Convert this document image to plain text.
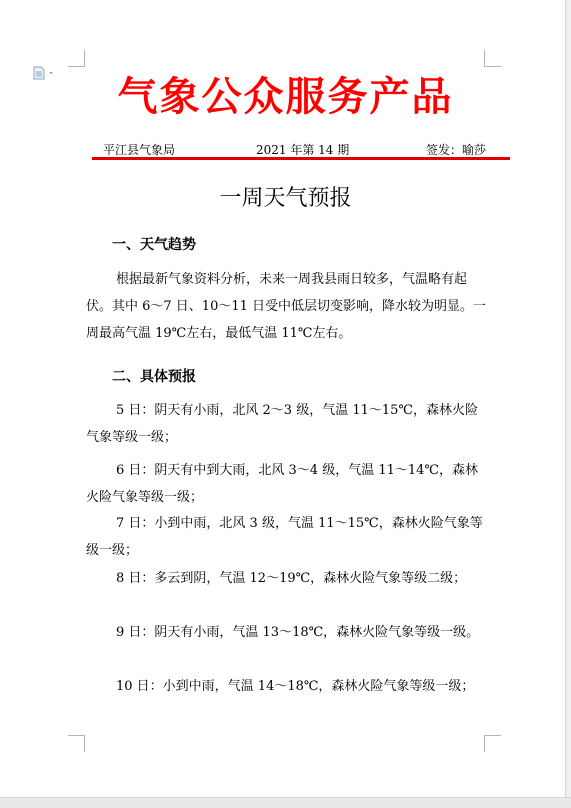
气象公众服务产品
平江县气象局	2021 年第 14 期	签发：喻莎
一周天气预报
一、天气趋势
根据最新气象资料分析，未来一周我县雨日较多，气温略有起伏。其中 6～7 日、10～11 日受中低层切变影响，降水较为明显。一周最高气温 19℃左右，最低气温 11℃左右。
二、具体预报
5 日：阴天有小雨，北风 2～3 级，气温 11～15℃，森林火险气象等级一级；
6 日：阴天有中到大雨，北风 3～4 级，气温 11～14℃，森林火险气象等级一级；
7 日：小到中雨，北风 3 级，气温 11～15℃，森林火险气象等级一级；
8 日：多云到阴，气温 12～19℃，森林火险气象等级二级；
9 日：阴天有小雨，气温 13～18℃，森林火险气象等级一级。
10 日：小到中雨，气温 14～18℃，森林火险气象等级一级；
